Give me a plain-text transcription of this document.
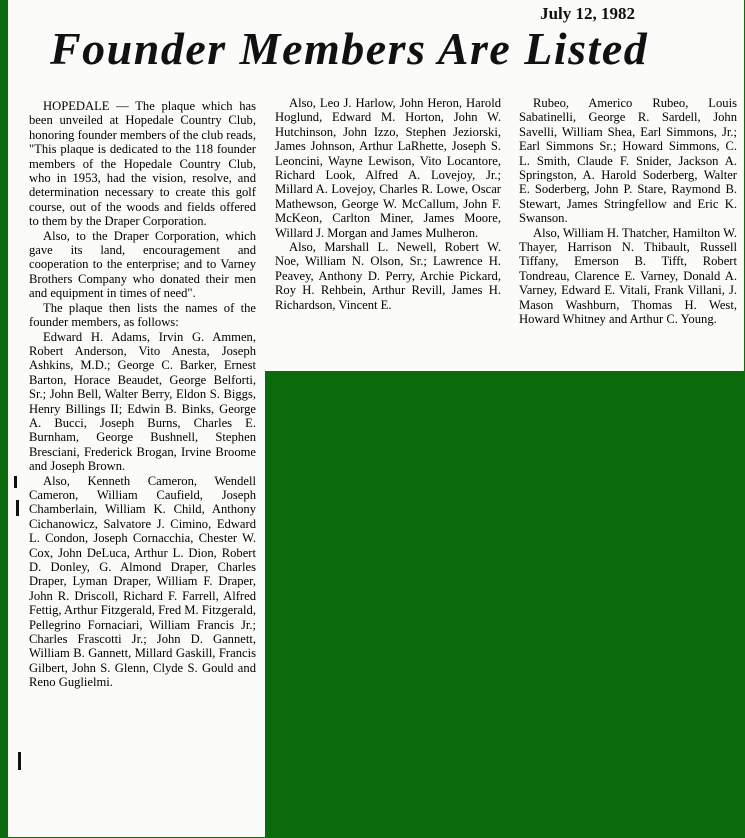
July 12, 1982
Founder Members Are Listed

HOPEDALE — The plaque which has been unveiled at Hopedale Country Club, honoring founder members of the club reads, "This plaque is dedicated to the 118 founder members of the Hopedale Country Club, who in 1953, had the vision, resolve, and determination necessary to create this golf course, out of the woods and fields offered to them by the Draper Corporation.

Also, to the Draper Corporation, which gave its land, encouragement and cooperation to the enterprise; and to Varney Brothers Company who donated their men and equipment in times of need".

The plaque then lists the names of the founder members, as follows:

Edward H. Adams, Irvin G. Ammen, Robert Anderson, Vito Anesta, Joseph Ashkins, M.D.; George C. Barker, Ernest Barton, Horace Beaudet, George Belforti, Sr.; John Bell, Walter Berry, Eldon S. Biggs, Henry Billings II; Edwin B. Binks, George A. Bucci, Joseph Burns, Charles E. Burnham, George Bushnell, Stephen Bresciani, Frederick Brogan, Irvine Broome and Joseph Brown.

Also, Kenneth Cameron, Wendell Cameron, William Caufield, Joseph Chamberlain, William K. Child, Anthony Cichanowicz, Salvatore J. Cimino, Edward L. Condon, Joseph Cornacchia, Chester W. Cox, John DeLuca, Arthur L. Dion, Robert D. Donley, G. Almond Draper, Charles Draper, Lyman Draper, William F. Draper, John R. Driscoll, Richard F. Farrell, Alfred Fettig, Arthur Fitzgerald, Fred M. Fitzgerald, Pellegrino Fornaciari, William Francis Jr.; Charles Frascotti Jr.; John D. Gannett, William B. Gannett, Millard Gaskill, Francis Gilbert, John S. Glenn, Clyde S. Gould and Reno Guglielmi.

Also, Leo J. Harlow, John Heron, Harold Hoglund, Edward M. Horton, John W. Hutchinson, John Izzo, Stephen Jeziorski, James Johnson, Arthur LaRhette, Joseph S. Leoncini, Wayne Lewison, Vito Locantore, Richard Look, Alfred A. Lovejoy, Jr.; Millard A. Lovejoy, Charles R. Lowe, Oscar Mathewson, George W. McCallum, John F. McKeon, Carlton Miner, James Moore, Willard J. Morgan and James Mulheron.

Also, Marshall L. Newell, Robert W. Noe, William N. Olson, Sr.; Lawrence H. Peavey, Anthony D. Perry, Archie Pickard, Roy H. Rehbein, Arthur Revill, James H. Richardson, Vincent E.

Rubeo, Americo Rubeo, Louis Sabatinelli, George R. Sardell, John Savelli, William Shea, Earl Simmons, Jr.; Earl Simmons Sr.; Howard Simmons, C. L. Smith, Claude F. Snider, Jackson A. Springston, A. Harold Soderberg, Walter E. Soderberg, John P. Stare, Raymond B. Stewart, James Stringfellow and Eric K. Swanson.

Also, William H. Thatcher, Hamilton W. Thayer, Harrison N. Thibault, Russell Tiffany, Emerson B. Tifft, Robert Tondreau, Clarence E. Varney, Donald A. Varney, Edward E. Vitali, Frank Villani, J. Mason Washburn, Thomas H. West, Howard Whitney and Arthur C. Young.
